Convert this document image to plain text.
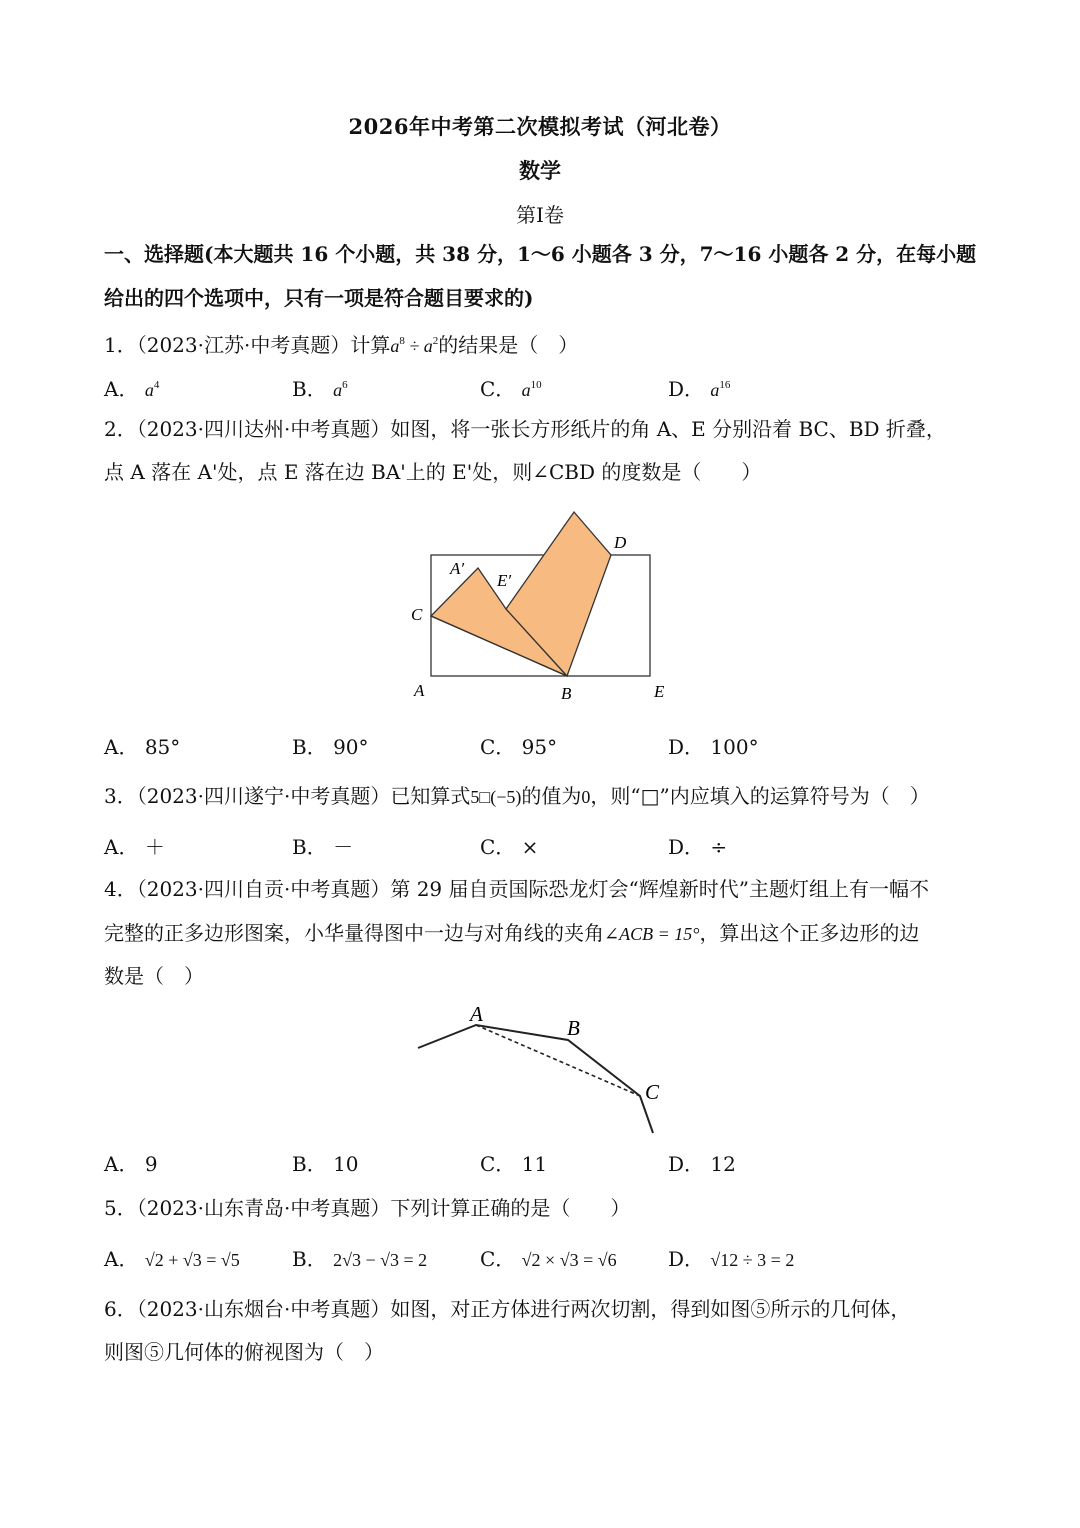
2026年中考第二次模拟考试（河北卷）
数学
第Ⅰ卷
一、选择题(本大题共 16 个小题，共 38 分，1～6 小题各 3 分，7～16 小题各 2 分，在每小题
给出的四个选项中，只有一项是符合题目要求的)
1．（2023·江苏·中考真题）计算$a^8 \div a^2$的结果是（　）
A． $a^4$	B． $a^6$	C． $a^{10}$	D． $a^{16}$
2．（2023·四川达州·中考真题）如图，将一张长方形纸片的角 A、E 分别沿着 BC、BD 折叠，
点 A 落在 A'处，点 E 落在边 BA'上的 E'处，则∠CBD 的度数是（　　）
A′
E′
C
D
A	B	E
A． 85°	B． 90°	C． 95°	D． 100°
3．（2023·四川遂宁·中考真题）已知算式5□(−5)的值为0，则“□”内应填入的运算符号为（　）
A． ＋	B． －	C． ×	D． ÷
4．（2023·四川自贡·中考真题）第 29 届自贡国际恐龙灯会“辉煌新时代”主题灯组上有一幅不
完整的正多边形图案，小华量得图中一边与对角线的夹角∠ACB = 15°，算出这个正多边形的边
数是（　）
A
B
C
A． 9	B． 10	C． 11	D． 12
5．（2023·山东青岛·中考真题）下列计算正确的是（　　）
A． √2 + √3 = √5	B． 2√3 − √3 = 2	C． √2 × √3 = √6	D． √12 ÷ 3 = 2
6．（2023·山东烟台·中考真题）如图，对正方体进行两次切割，得到如图⑤所示的几何体，
则图⑤几何体的俯视图为（　）
